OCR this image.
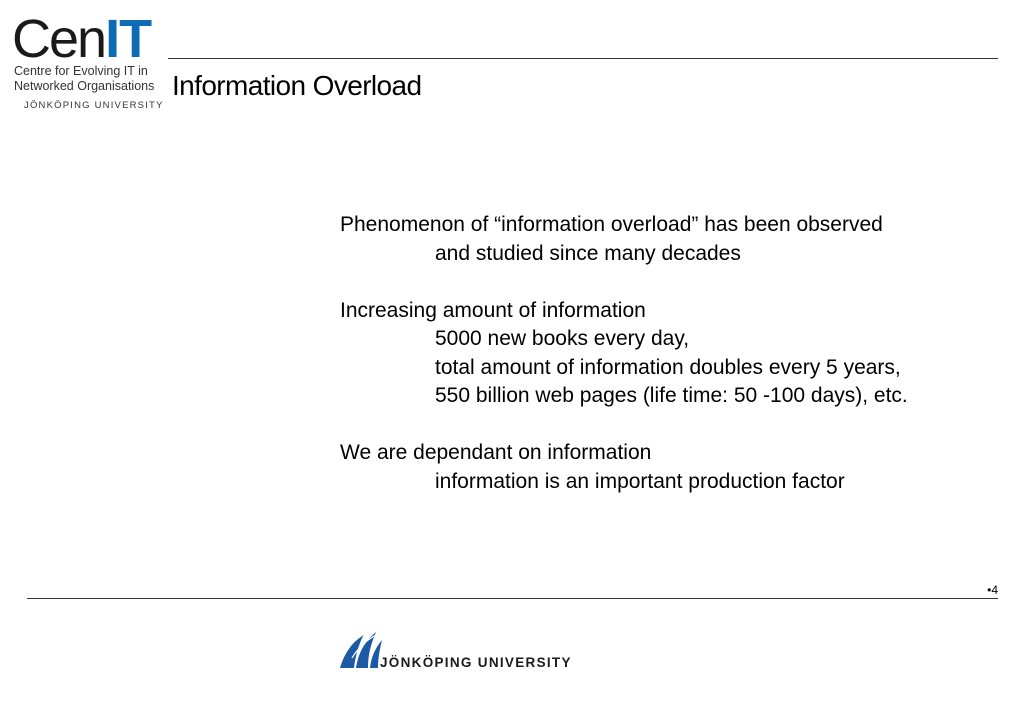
CenIT
Centre for Evolving IT in
Networked Organisations
JÖNKÖPING UNIVERSITY
Information Overload
Phenomenon of “information overload” has been observed
and studied since many decades
Increasing amount of information
5000 new books every day,
total amount of information doubles every 5 years,
550 billion web pages (life time: 50 -100 days), etc.
We are dependant on information
information is an important production factor
•4
JÖNKÖPING UNIVERSITY
